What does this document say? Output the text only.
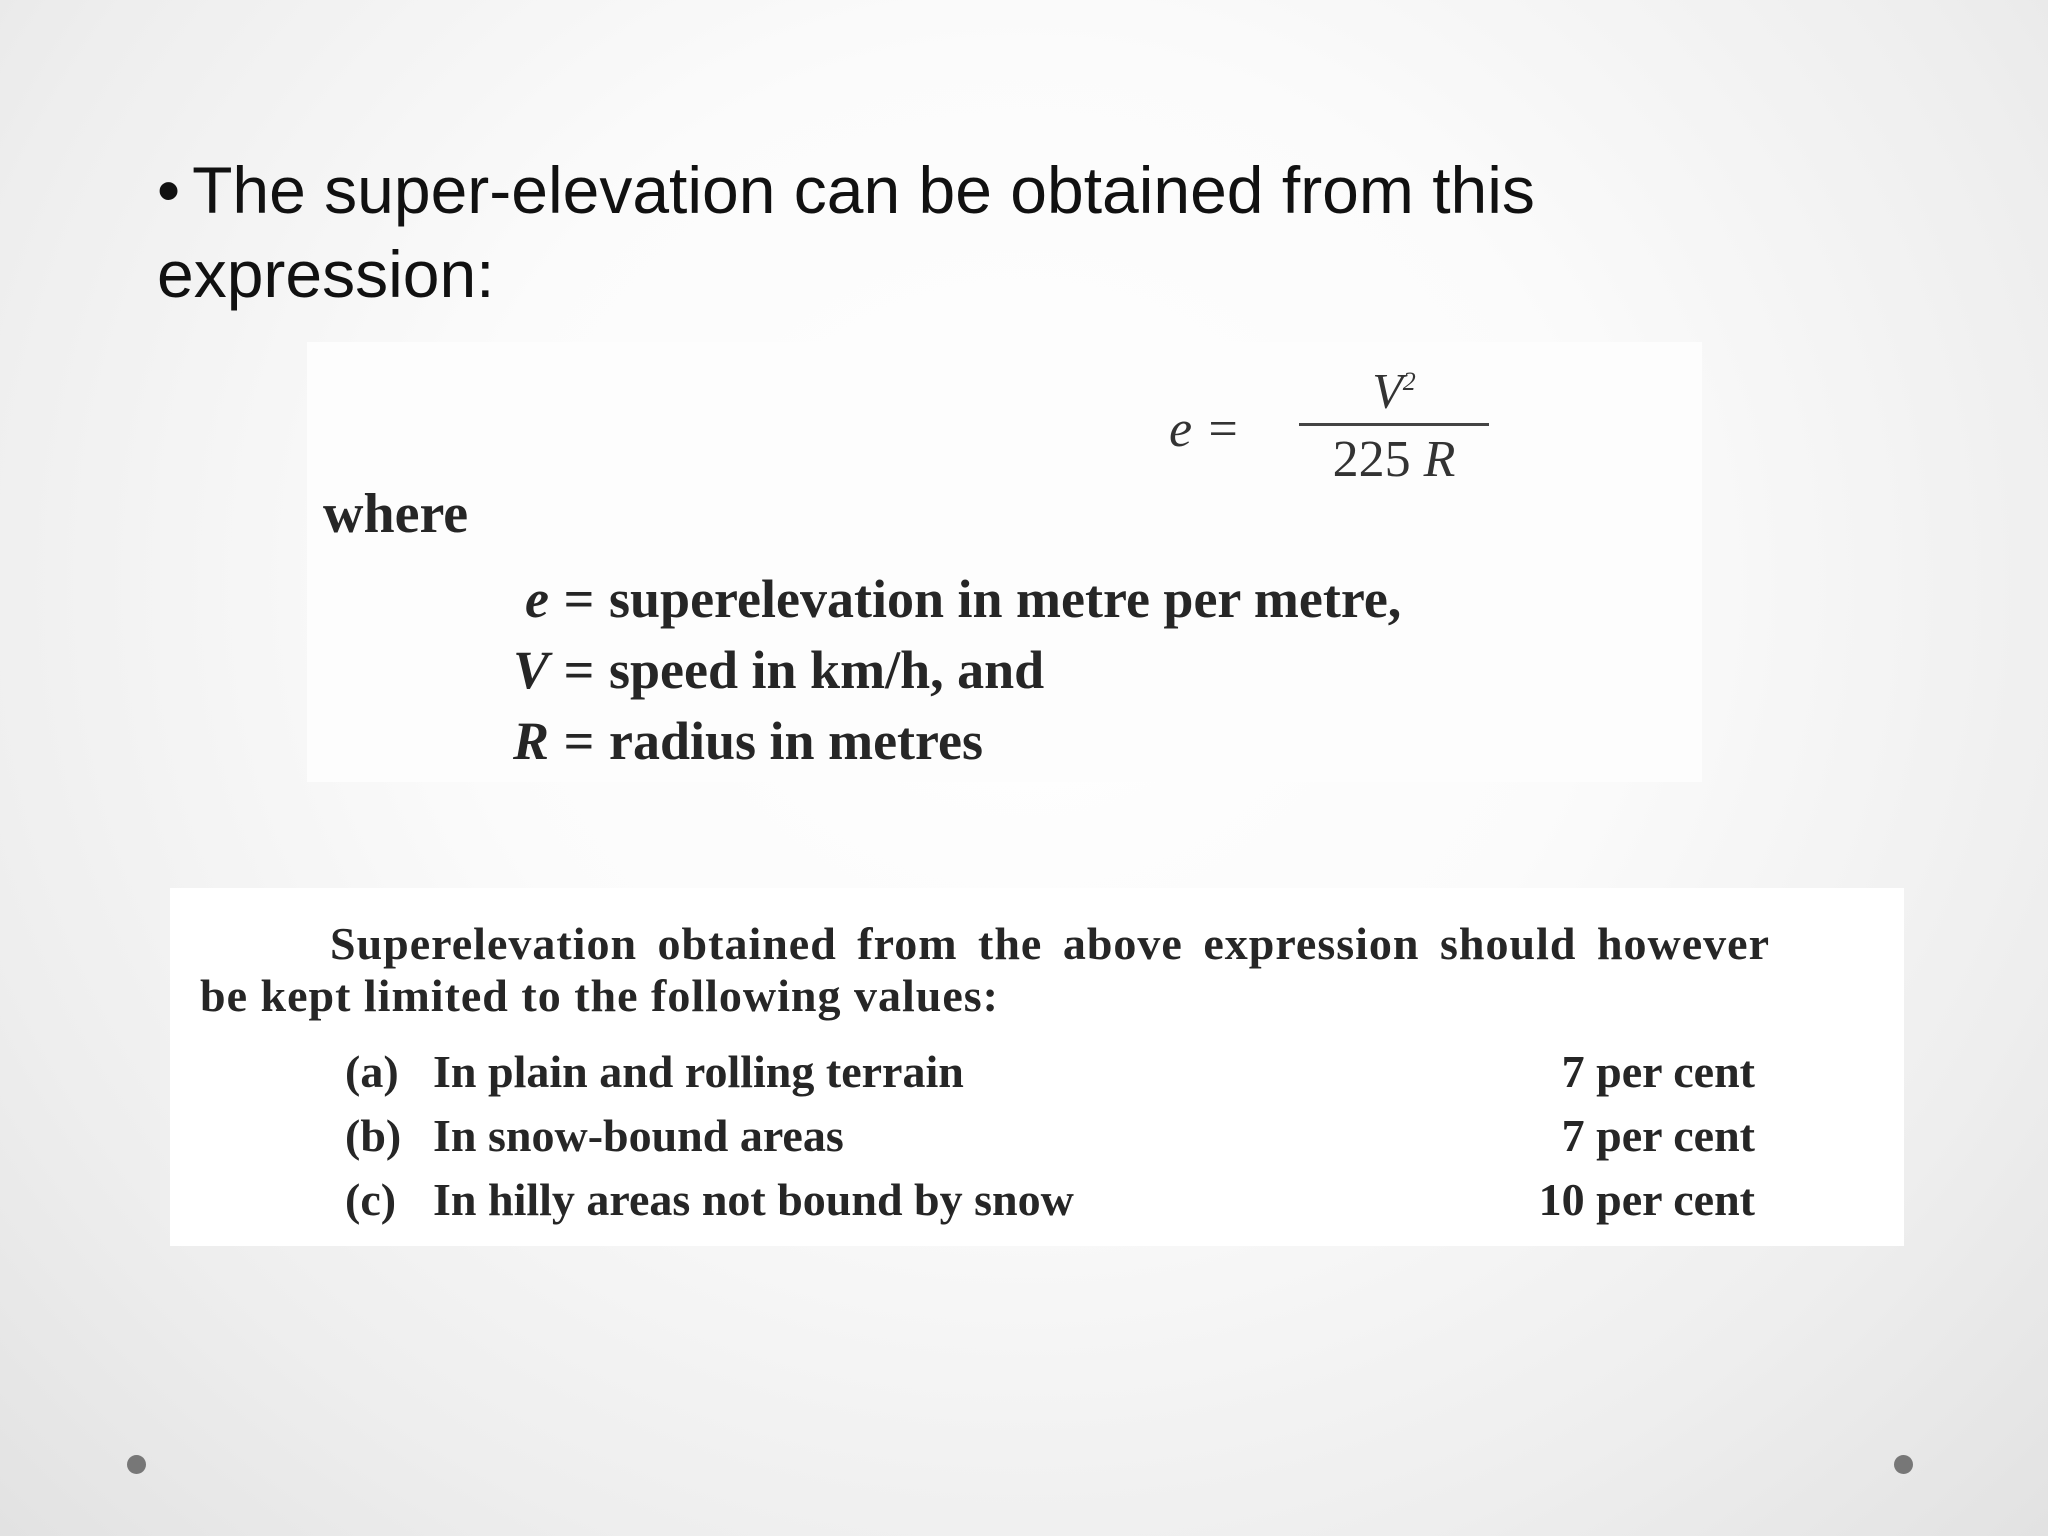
• The super-elevation can be obtained from this expression:
e =
$V^2$
225 R
where
e = superelevation in metre per metre,
V = speed in km/h, and
R = radius in metres
Superelevation obtained from the above expression should however be kept limited to the following values:
(a) In plain and rolling terrain	7 per cent
(b) In snow-bound areas	7 per cent
(c) In hilly areas not bound by snow	10 per cent
